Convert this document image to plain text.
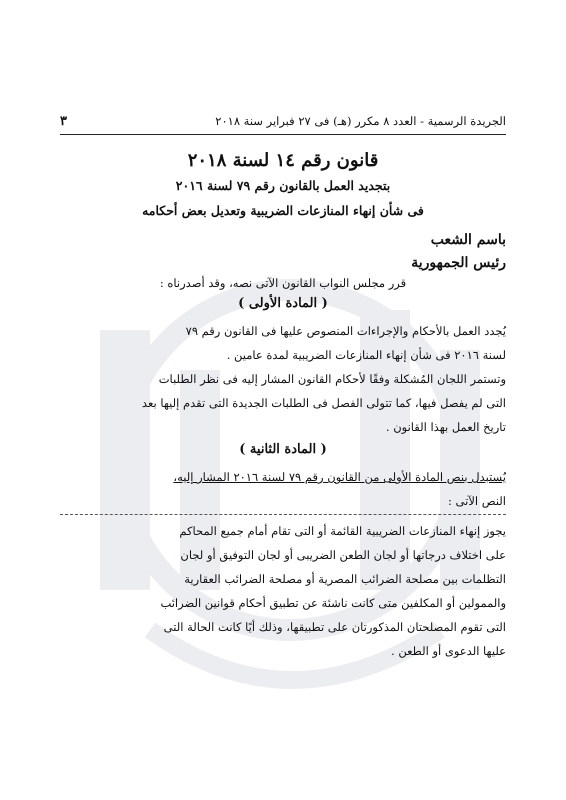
الجريدة الرسمية - العدد ٨ مكرر (هـ) فى ٢٧ فبراير سنة ٢٠١٨
٣
قانون رقم ١٤ لسنة ٢٠١٨
بتجديد العمل بالقانون رقم ٧٩ لسنة ٢٠١٦
فى شأن إنهاء المنازعات الضريبية وتعديل بعض أحكامه
باسم الشعب
رئيس الجمهورية
قرر مجلس النواب القانون الآتى نصه، وقد أصدرناه :
( المادة الأولى )
يُجدد العمل بالأحكام والإجراءات المنصوص عليها فى القانون رقم ٧٩
لسنة ٢٠١٦ فى شأن إنهاء المنازعات الضريبية لمدة عامين .
وتستمر اللجان المُشكلة وفقًا لأحكام القانون المشار إليه فى نظر الطلبات
التى لم يفصل فيها، كما تتولى الفصل فى الطلبات الجديدة التى تقدم إليها بعد
تاريخ العمل بهذا القانون .
( المادة الثانية )
يُستبدل بنص المادة الأولى من القانون رقم ٧٩ لسنة ٢٠١٦ المشار إليه،
النص الآتى :
يجوز إنهاء المنازعات الضريبية القائمة أو التى تقام أمام جميع المحاكم
على اختلاف درجاتها أو لجان الطعن الضريبى أو لجان التوفيق أو لجان
التظلمات بين مصلحة الضرائب المصرية أو مصلحة الضرائب العقارية
والممولين أو المكلفين متى كانت ناشئة عن تطبيق أحكام قوانين الضرائب
التى تقوم المصلحتان المذكورتان على تطبيقها، وذلك أيًا كانت الحالة التى
عليها الدعوى أو الطعن .
